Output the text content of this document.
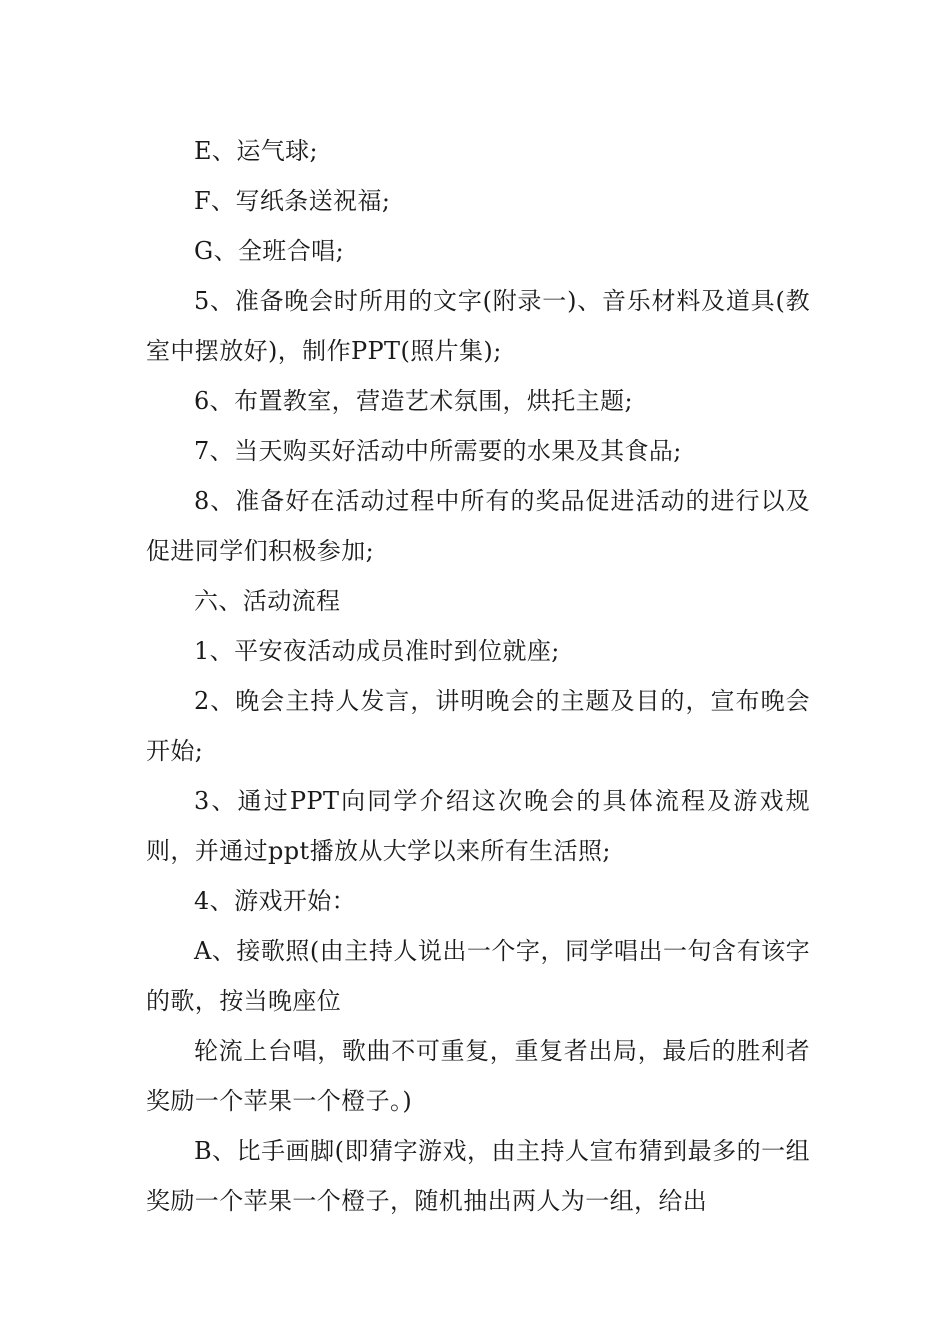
E、运气球;

F、写纸条送祝福;

G、全班合唱;

5、准备晚会时所用的文字(附录一)、音乐材料及道具(教室中摆放好)，制作PPT(照片集);

6、布置教室，营造艺术氛围，烘托主题;

7、当天购买好活动中所需要的水果及其食品;

8、准备好在活动过程中所有的奖品促进活动的进行以及促进同学们积极参加;

六、活动流程

1、平安夜活动成员准时到位就座;

2、晚会主持人发言，讲明晚会的主题及目的，宣布晚会开始;

3、通过PPT向同学介绍这次晚会的具体流程及游戏规则，并通过ppt播放从大学以来所有生活照;

4、游戏开始：

A、接歌照(由主持人说出一个字，同学唱出一句含有该字的歌，按当晚座位

轮流上台唱，歌曲不可重复，重复者出局，最后的胜利者奖励一个苹果一个橙子。)

B、比手画脚(即猜字游戏，由主持人宣布猜到最多的一组奖励一个苹果一个橙子，随机抽出两人为一组，给出
